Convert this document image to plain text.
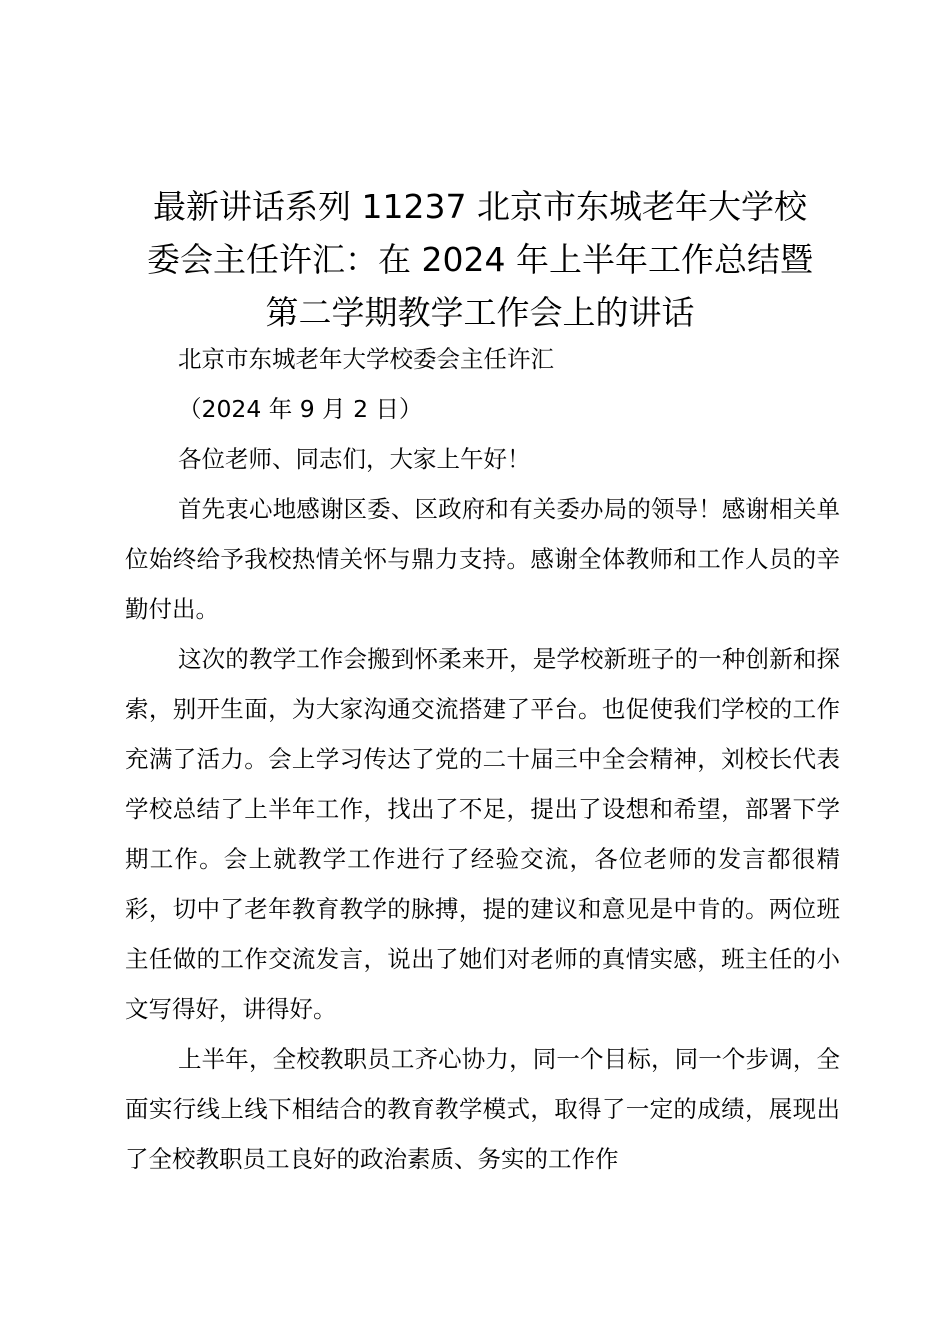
最新讲话系列 11237 北京市东城老年大学校
委会主任许汇：在 2024 年上半年工作总结暨
第二学期教学工作会上的讲话

北京市东城老年大学校委会主任许汇

（2024 年 9 月 2 日）

各位老师、同志们，大家上午好！

首先衷心地感谢区委、区政府和有关委办局的领导！感谢相关单位始终给予我校热情关怀与鼎力支持。感谢全体教师和工作人员的辛勤付出。

这次的教学工作会搬到怀柔来开，是学校新班子的一种创新和探索，别开生面，为大家沟通交流搭建了平台。也促使我们学校的工作充满了活力。会上学习传达了党的二十届三中全会精神，刘校长代表学校总结了上半年工作，找出了不足，提出了设想和希望，部署下学期工作。会上就教学工作进行了经验交流，各位老师的发言都很精彩，切中了老年教育教学的脉搏，提的建议和意见是中肯的。两位班主任做的工作交流发言，说出了她们对老师的真情实感，班主任的小文写得好，讲得好。

上半年，全校教职员工齐心协力，同一个目标，同一个步调，全面实行线上线下相结合的教育教学模式，取得了一定的成绩，展现出了全校教职员工良好的政治素质、务实的工作作
